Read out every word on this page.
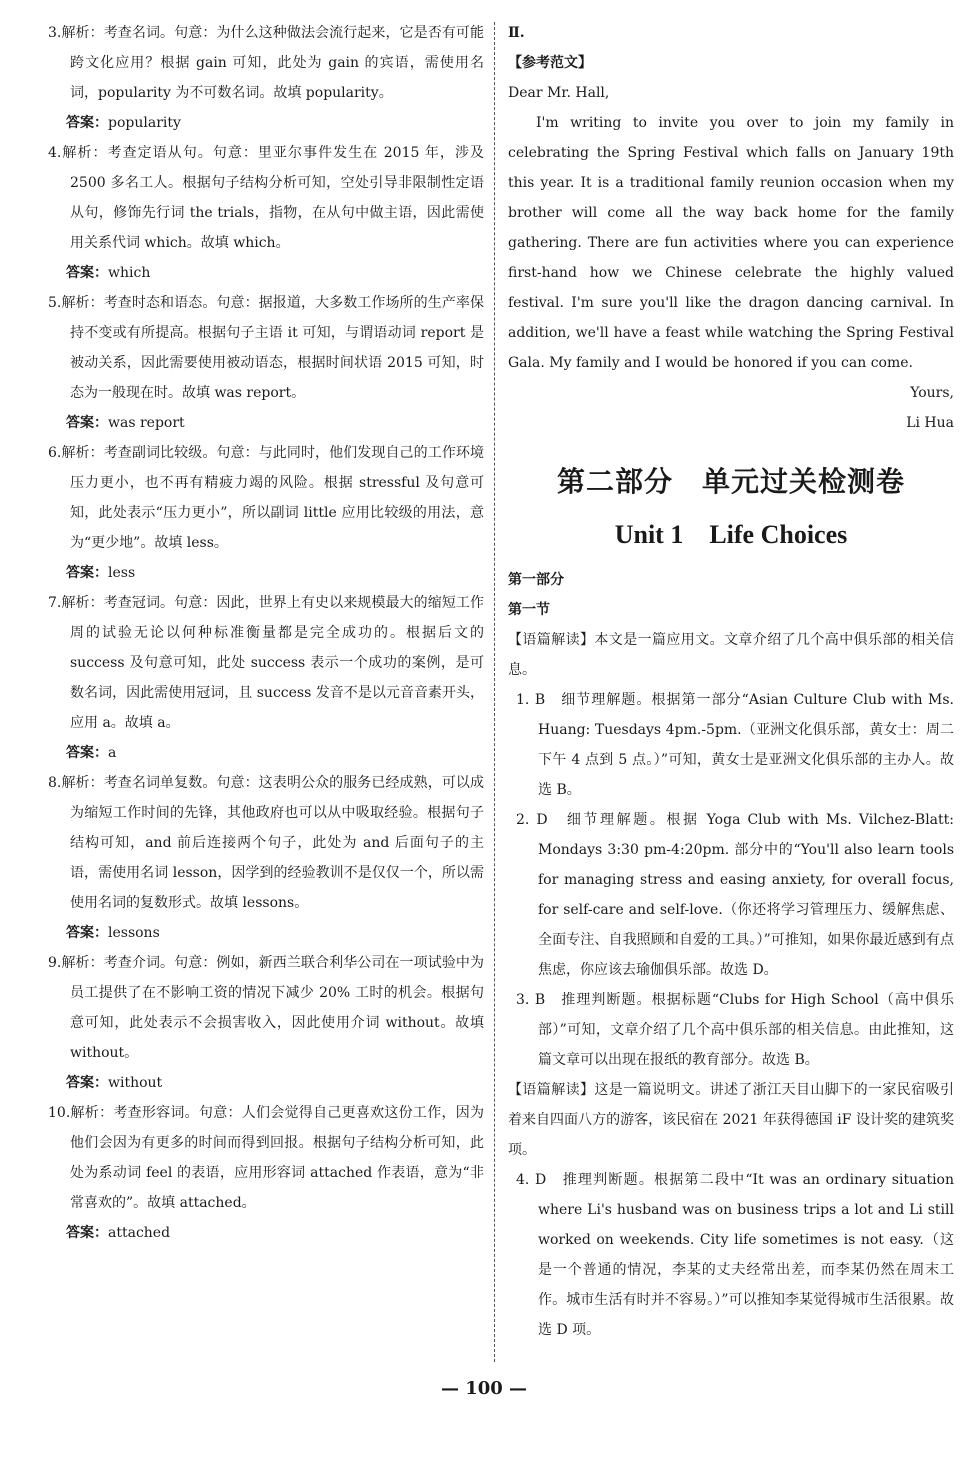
3.解析：考查名词。句意：为什么这种做法会流行起来，它是否有可能跨文化应用？根据 gain 可知，此处为 gain 的宾语，需使用名词，popularity 为不可数名词。故填 popularity。

答案：popularity

4.解析：考查定语从句。句意：里亚尔事件发生在 2015 年，涉及 2500 多名工人。根据句子结构分析可知，空处引导非限制性定语从句，修饰先行词 the trials，指物，在从句中做主语，因此需使用关系代词 which。故填 which。

答案：which

5.解析：考查时态和语态。句意：据报道，大多数工作场所的生产率保持不变或有所提高。根据句子主语 it 可知，与谓语动词 report 是被动关系，因此需要使用被动语态，根据时间状语 2015 可知，时态为一般现在时。故填 was report。

答案：was report

6.解析：考查副词比较级。句意：与此同时，他们发现自己的工作环境压力更小，也不再有精疲力竭的风险。根据 stressful 及句意可知，此处表示“压力更小”，所以副词 little 应用比较级的用法，意为“更少地”。故填 less。

答案：less

7.解析：考查冠词。句意：因此，世界上有史以来规模最大的缩短工作周的试验无论以何种标准衡量都是完全成功的。根据后文的 success 及句意可知，此处 success 表示一个成功的案例，是可数名词，因此需使用冠词，且 success 发音不是以元音音素开头，应用 a。故填 a。

答案：a

8.解析：考查名词单复数。句意：这表明公众的服务已经成熟，可以成为缩短工作时间的先锋，其他政府也可以从中吸取经验。根据句子结构可知，and 前后连接两个句子，此处为 and 后面句子的主语，需使用名词 lesson，因学到的经验教训不是仅仅一个，所以需使用名词的复数形式。故填 lessons。

答案：lessons

9.解析：考查介词。句意：例如，新西兰联合利华公司在一项试验中为员工提供了在不影响工资的情况下减少 20% 工时的机会。根据句意可知，此处表示不会损害收入，因此使用介词 without。故填 without。

答案：without

10.解析：考查形容词。句意：人们会觉得自己更喜欢这份工作，因为他们会因为有更多的时间而得到回报。根据句子结构分析可知，此处为系动词 feel 的表语，应用形容词 attached 作表语，意为“非常喜欢的”。故填 attached。

答案：attached

Ⅱ.

【参考范文】

Dear Mr. Hall,

I'm writing to invite you over to join my family in celebrating the Spring Festival which falls on January 19th this year. It is a traditional family reunion occasion when my brother will come all the way back home for the family gathering. There are fun activities where you can experience first-hand how we Chinese celebrate the highly valued festival. I'm sure you'll like the dragon dancing carnival. In addition, we'll have a feast while watching the Spring Festival Gala. My family and I would be honored if you can come.

Yours,

Li Hua

第二部分　单元过关检测卷
Unit 1　Life Choices

第一部分

第一节

【语篇解读】本文是一篇应用文。文章介绍了几个高中俱乐部的相关信息。

1. B　细节理解题。根据第一部分“Asian Culture Club with Ms. Huang: Tuesdays 4pm.-5pm.（亚洲文化俱乐部，黄女士：周二下午 4 点到 5 点。）”可知，黄女士是亚洲文化俱乐部的主办人。故选 B。

2. D　细节理解题。根据 Yoga Club with Ms. Vilchez-Blatt: Mondays 3:30 pm-4:20pm. 部分中的“You'll also learn tools for managing stress and easing anxiety, for overall focus, for self-care and self-love.（你还将学习管理压力、缓解焦虑、全面专注、自我照顾和自爱的工具。）”可推知，如果你最近感到有点焦虑，你应该去瑜伽俱乐部。故选 D。

3. B　推理判断题。根据标题“Clubs for High School（高中俱乐部）”可知，文章介绍了几个高中俱乐部的相关信息。由此推知，这篇文章可以出现在报纸的教育部分。故选 B。

【语篇解读】这是一篇说明文。讲述了浙江天目山脚下的一家民宿吸引着来自四面八方的游客，该民宿在 2021 年获得德国 iF 设计奖的建筑奖项。

4. D　推理判断题。根据第二段中“It was an ordinary situation where Li's husband was on business trips a lot and Li still worked on weekends. City life sometimes is not easy.（这是一个普通的情况，李某的丈夫经常出差，而李某仍然在周末工作。城市生活有时并不容易。）”可以推知李某觉得城市生活很累。故选 D 项。

— 100 —
